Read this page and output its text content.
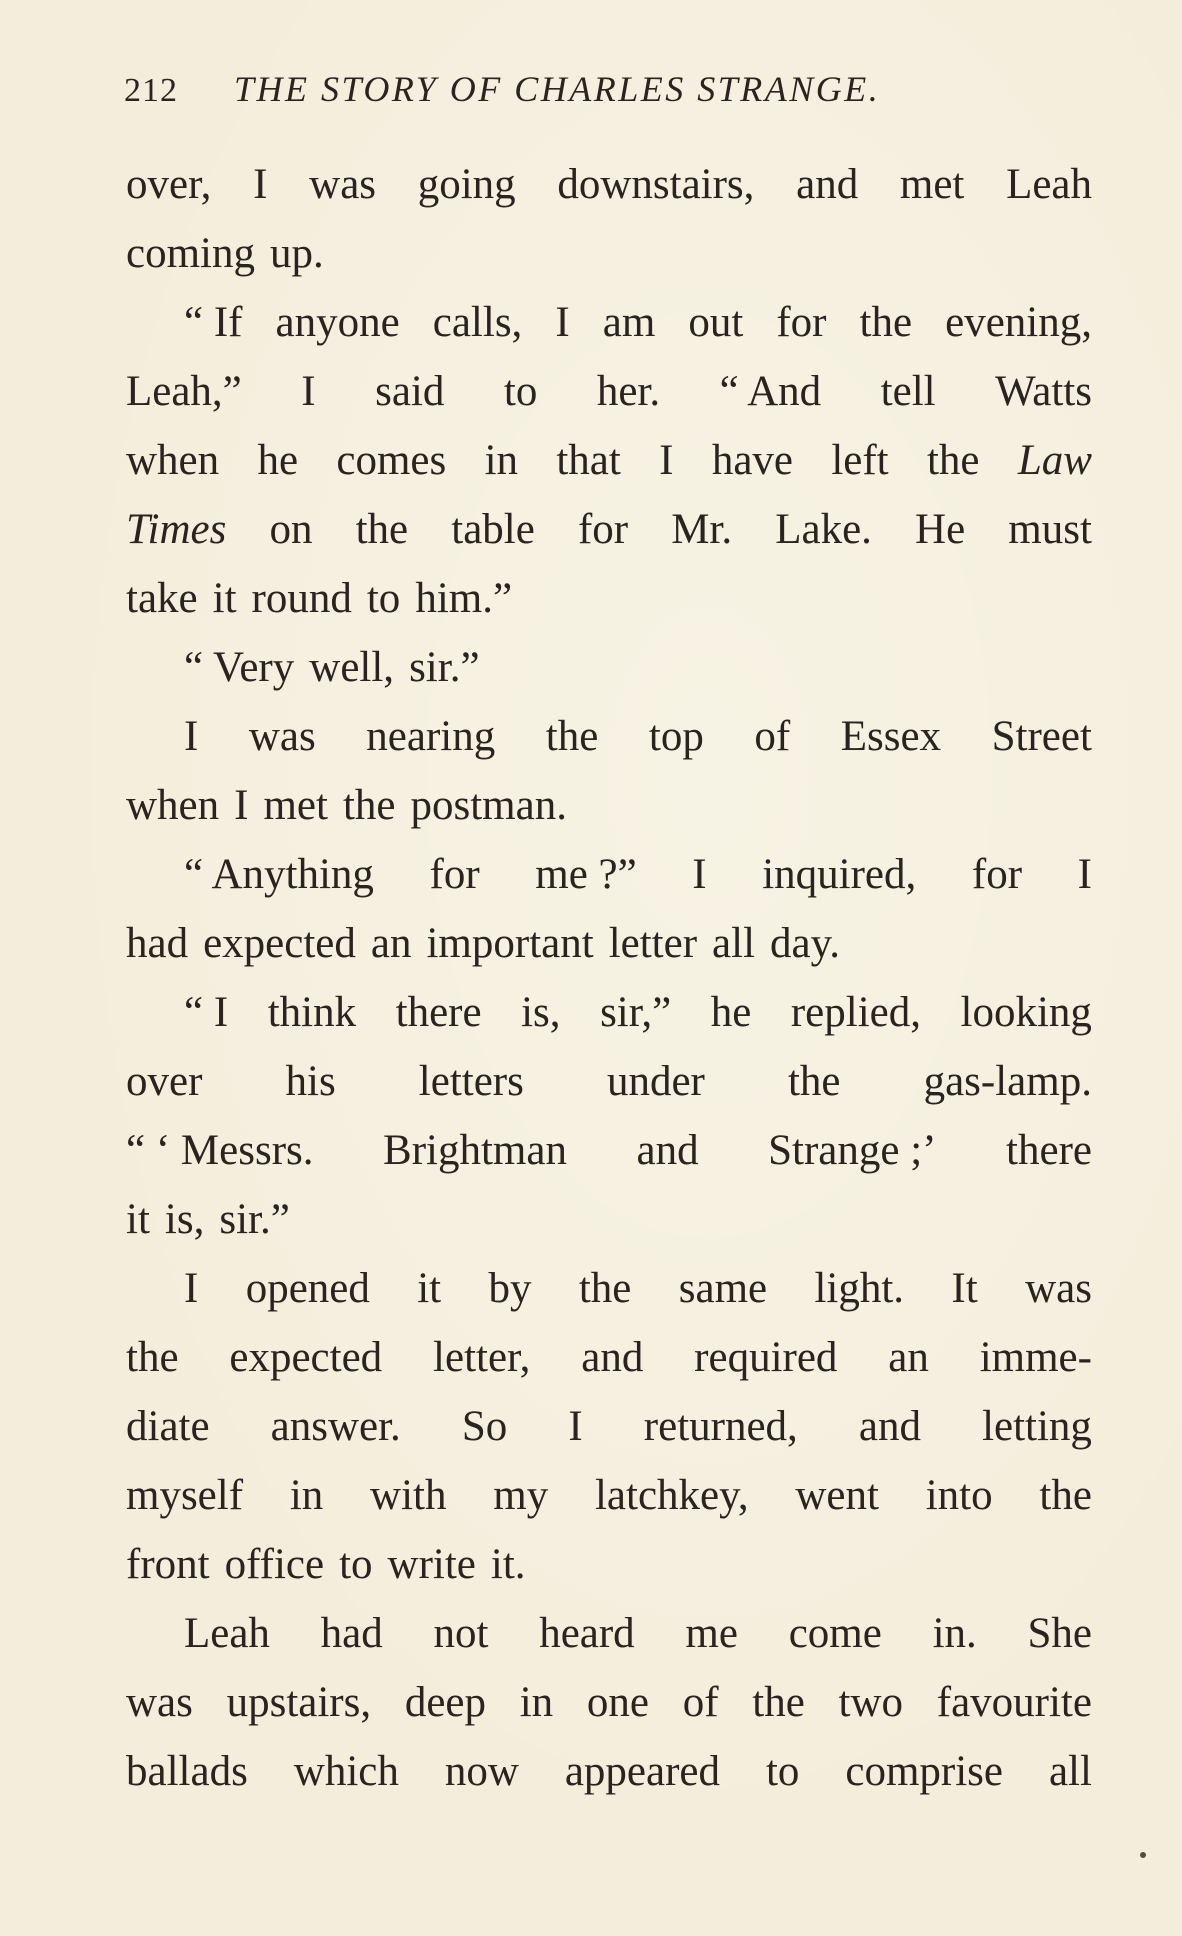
212 THE STORY OF CHARLES STRANGE.
over, I was going downstairs, and met Leah
coming up.
“ If anyone calls, I am out for the evening,
Leah,” I said to her. “ And tell Watts
when he comes in that I have left the Law
Times on the table for Mr. Lake. He must
take it round to him.”
“ Very well, sir.”
I was nearing the top of Essex Street
when I met the postman.
“ Anything for me ?” I inquired, for I
had expected an important letter all day.
“ I think there is, sir,” he replied, looking
over his letters under the gas-lamp.
“ ‘ Messrs. Brightman and Strange ;’ there
it is, sir.”
I opened it by the same light. It was
the expected letter, and required an imme-
diate answer. So I returned, and letting
myself in with my latchkey, went into the
front office to write it.
Leah had not heard me come in. She
was upstairs, deep in one of the two favourite
ballads which now appeared to comprise all
